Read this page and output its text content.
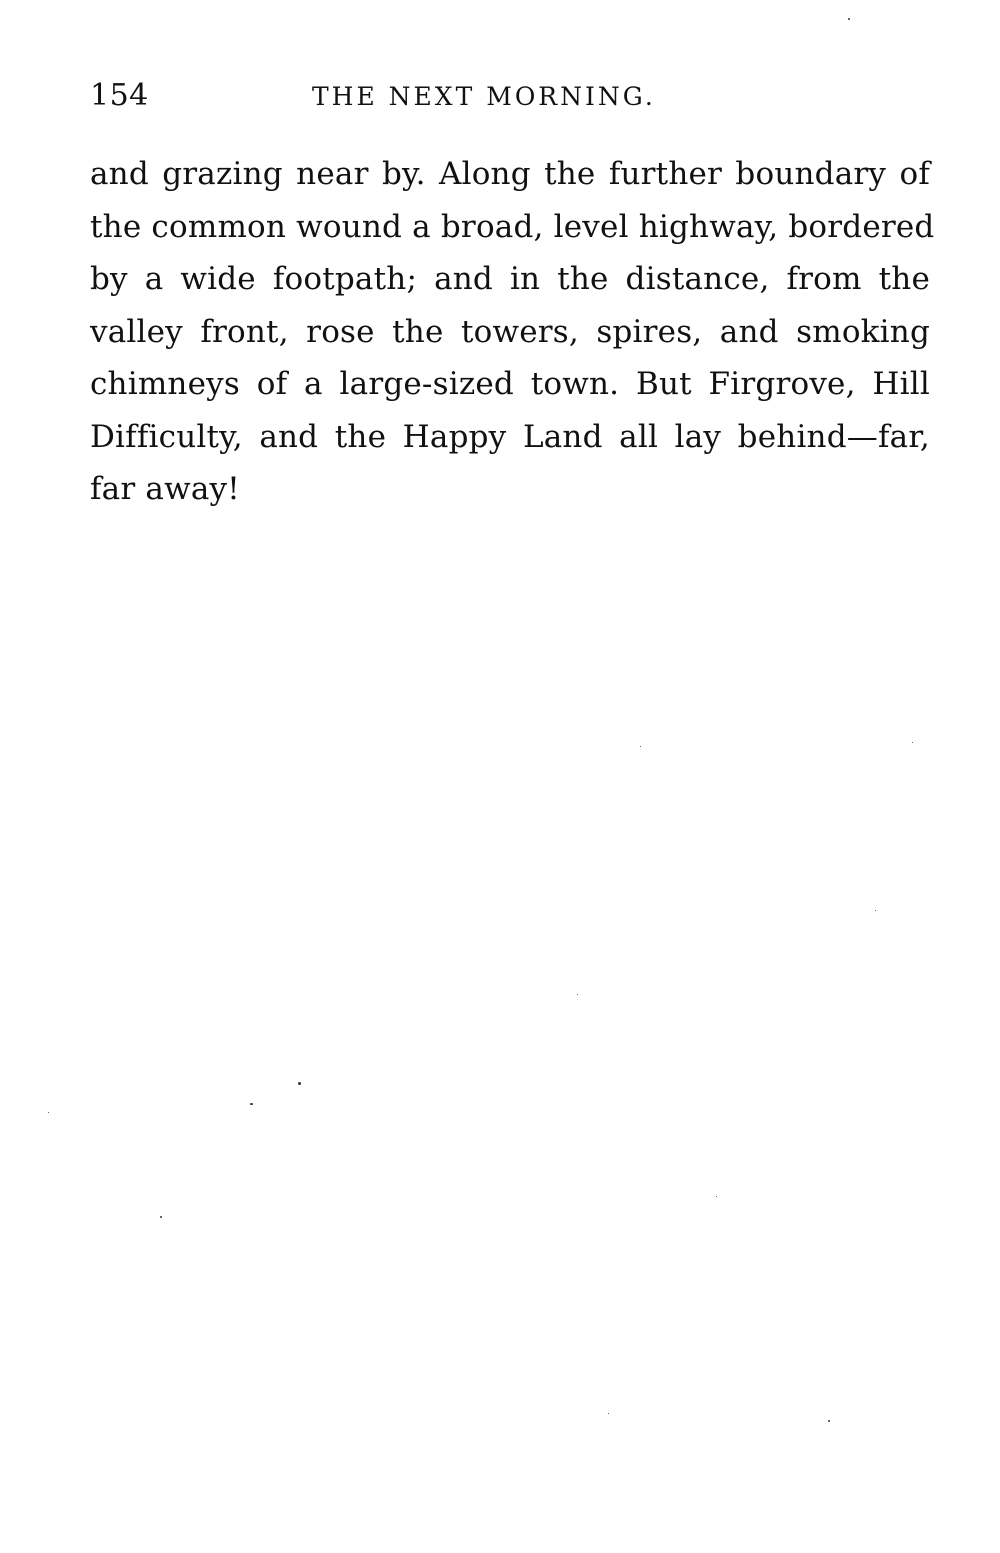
154	THE NEXT MORNING.
and grazing near by. Along the further boundary of
the common wound a broad, level highway, bordered
by a wide footpath; and in the distance, from the
valley front, rose the towers, spires, and smoking
chimneys of a large-sized town. But Firgrove, Hill
Difficulty, and the Happy Land all lay behind—far,
far away!
